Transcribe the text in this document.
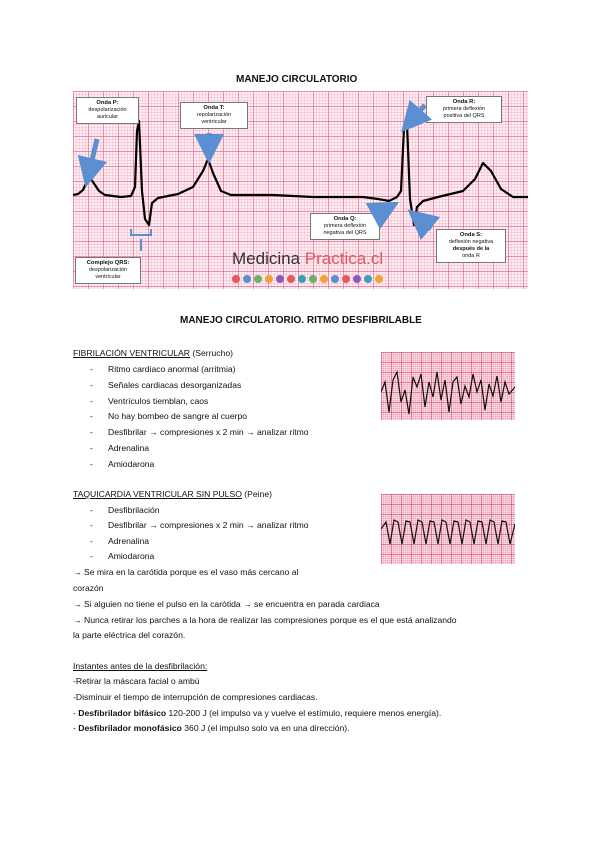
MANEJO CIRCULATORIO
Onda P:
despolarización
auricular
Onda T:
repolarización
ventricular
Onda R:
primera deflexión
positiva del QRS
Onda Q:
primera deflexión
negativa del QRS	Onda S:
deflexión negativa
después de la
onda R
Complejo QRS:
despolarización
ventricular
Medicina Practica.cl
MANEJO CIRCULATORIO. RITMO DESFIBRILABLE
FIBRILACIÓN VENTRICULAR (Serrucho)
- Ritmo cardiaco anormal (arritmia)
- Señales cardiacas desorganizadas
- Ventrículos tiemblan, caos
- No hay bombeo de sangre al cuerpo
- Desfibrilar → compresiones x 2 min → analizar ritmo
- Adrenalina
- Amiodarona
TAQUICARDIA VENTRICULAR SIN PULSO (Peine)
- Desfibrilación
- Desfibrilar → compresiones x 2 min → analizar ritmo
- Adrenalina
- Amiodarona
→ Se mira en la carótida porque es el vaso más cercano al
corazón
→ Si alguien no tiene el pulso en la carótida → se encuentra en parada cardiaca
→ Nunca retirar los parches a la hora de realizar las compresiones porque es el que está analizando
la parte eléctrica del corazón.
Instantes antes de la desfibrilación:
-Retirar la máscara facial o ambú
-Disminuir el tiempo de interrupción de compresiones cardiacas.
- Desfibrilador bifásico 120-200 J (el impulso va y vuelve el estímulo, requiere menos energía).
- Desfibrilador monofásico 360 J (el impulso solo va en una dirección).
